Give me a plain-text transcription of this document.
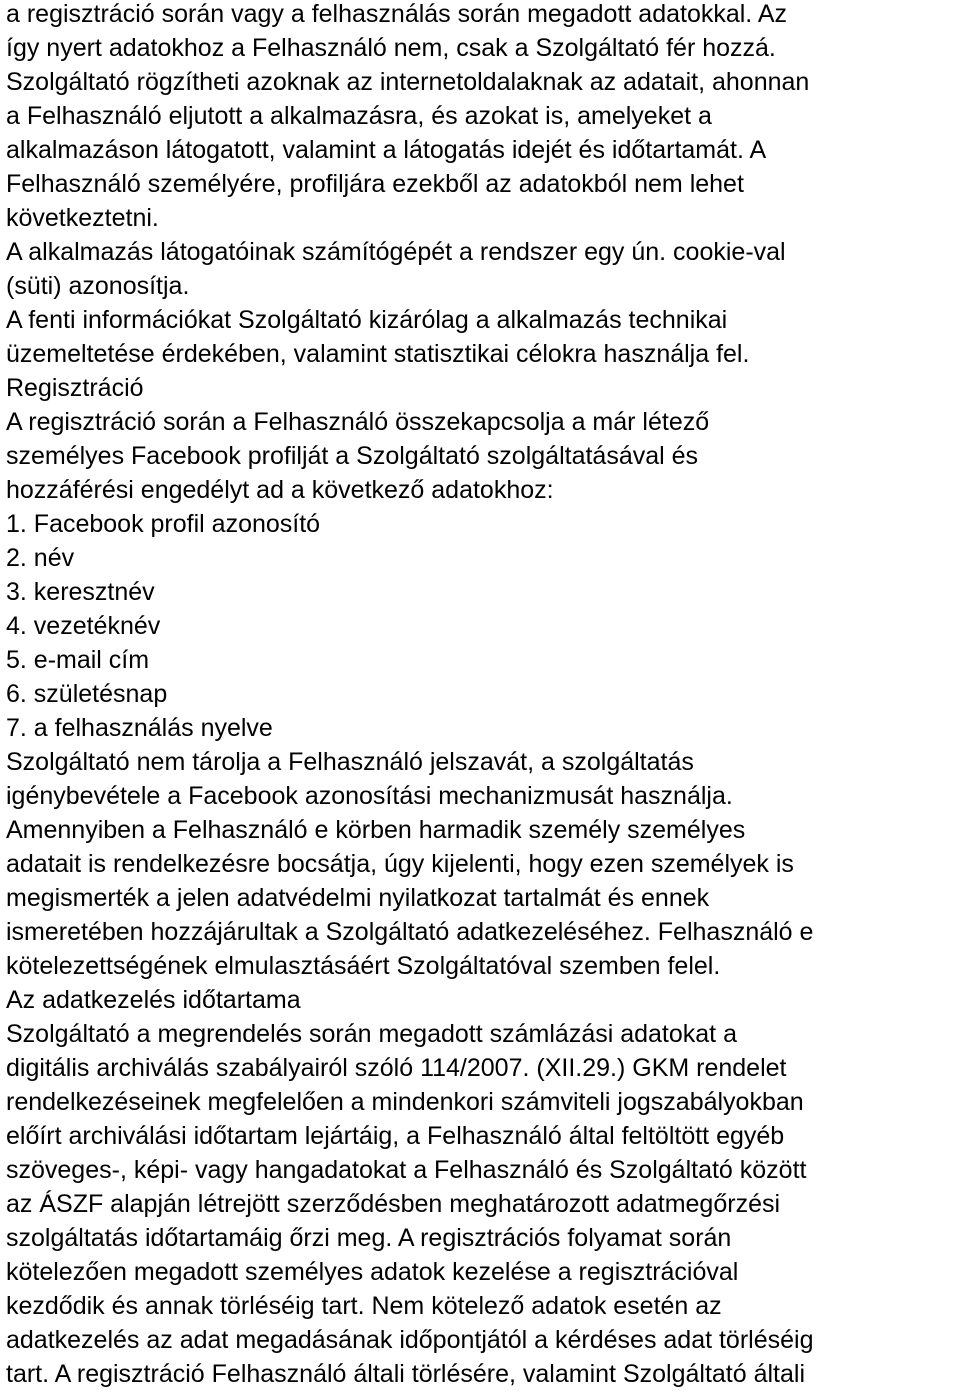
a regisztráció során vagy a felhasználás során megadott adatokkal. Az
így nyert adatokhoz a Felhasználó nem, csak a Szolgáltató fér hozzá.
Szolgáltató rögzítheti azoknak az internetoldalaknak az adatait, ahonnan
a Felhasználó eljutott a alkalmazásra, és azokat is, amelyeket a
alkalmazáson látogatott, valamint a látogatás idejét és időtartamát. A
Felhasználó személyére, profiljára ezekből az adatokból nem lehet
következtetni.
A alkalmazás látogatóinak számítógépét a rendszer egy ún. cookie-val
(süti) azonosítja.
A fenti információkat Szolgáltató kizárólag a alkalmazás technikai
üzemeltetése érdekében, valamint statisztikai célokra használja fel.
Regisztráció
A regisztráció során a Felhasználó összekapcsolja a már létező
személyes Facebook profilját a Szolgáltató szolgáltatásával és
hozzáférési engedélyt ad a következő adatokhoz:
1. Facebook profil azonosító
2. név
3. keresztnév
4. vezetéknév
5. e-mail cím
6. születésnap
7. a felhasználás nyelve
Szolgáltató nem tárolja a Felhasználó jelszavát, a szolgáltatás
igénybevétele a Facebook azonosítási mechanizmusát használja.
Amennyiben a Felhasználó e körben harmadik személy személyes
adatait is rendelkezésre bocsátja, úgy kijelenti, hogy ezen személyek is
megismerték a jelen adatvédelmi nyilatkozat tartalmát és ennek
ismeretében hozzájárultak a Szolgáltató adatkezeléséhez. Felhasználó e
kötelezettségének elmulasztásáért Szolgáltatóval szemben felel.
Az adatkezelés időtartama
Szolgáltató a megrendelés során megadott számlázási adatokat a
digitális archiválás szabályairól szóló 114/2007. (XII.29.) GKM rendelet
rendelkezéseinek megfelelően a mindenkori számviteli jogszabályokban
előírt archiválási időtartam lejártáig, a Felhasználó által feltöltött egyéb
szöveges-, képi- vagy hangadatokat a Felhasználó és Szolgáltató között
az ÁSZF alapján létrejött szerződésben meghatározott adatmegőrzési
szolgáltatás időtartamáig őrzi meg. A regisztrációs folyamat során
kötelezően megadott személyes adatok kezelése a regisztrációval
kezdődik és annak törléséig tart. Nem kötelező adatok esetén az
adatkezelés az adat megadásának időpontjától a kérdéses adat törléséig
tart. A regisztráció Felhasználó általi törlésére, valamint Szolgáltató általi
